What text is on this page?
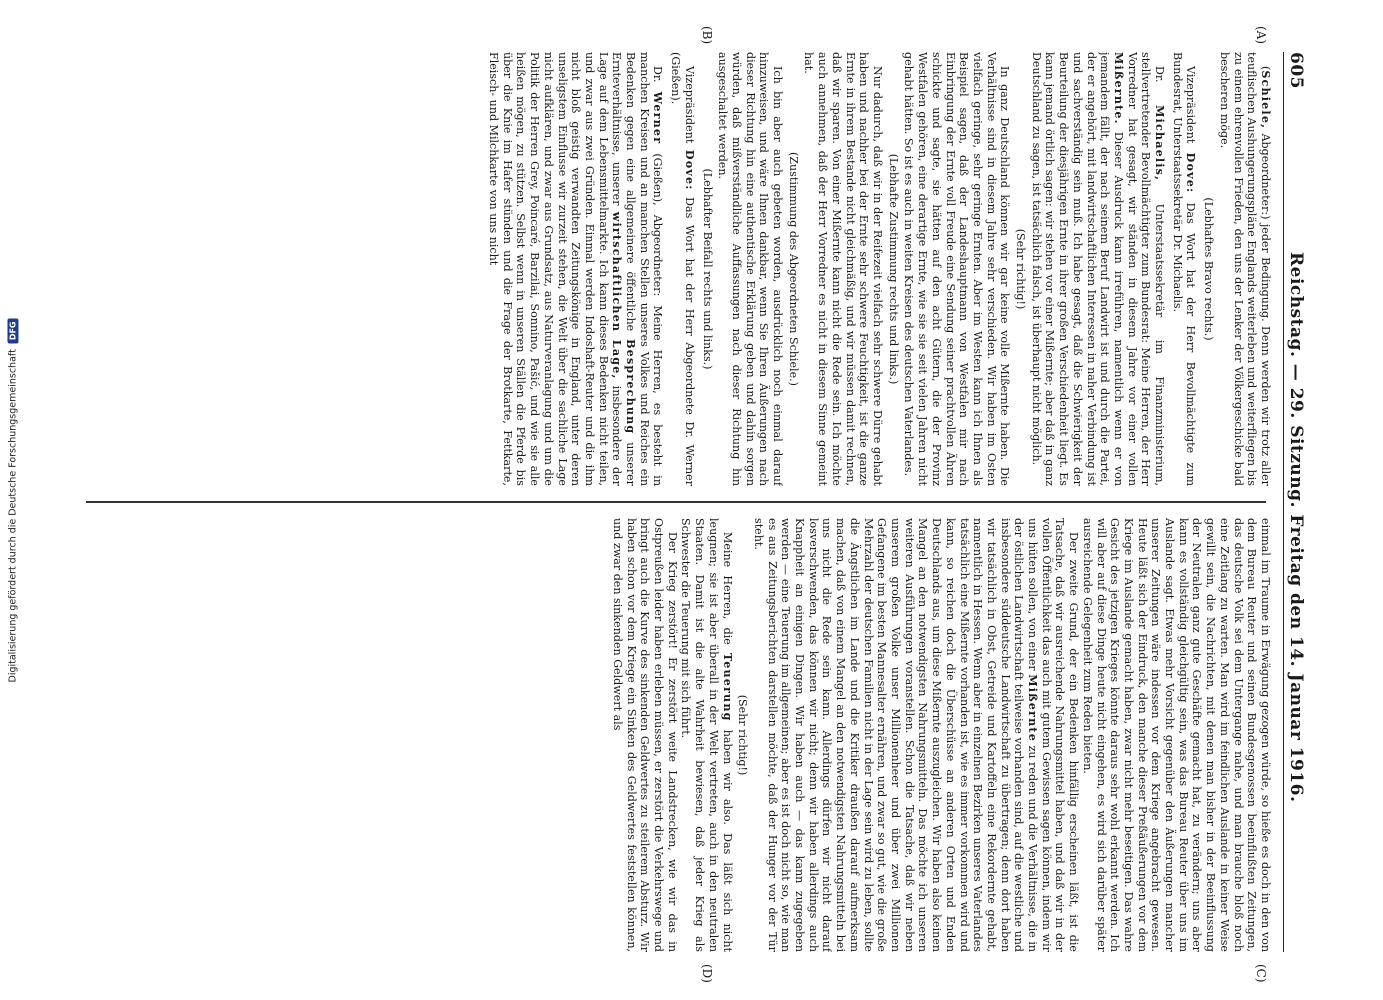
Digitalisierung gefördert durch die Deutsche Forschungsgemeinschaft
DFG
605
Reichstag. — 29. Sitzung. Freitag den 14. Januar 1916.
(A)
(B)
(C)
(D)

(Schiele, Abgeordneter:) jeder Bedingung. Denn werden wir trotz aller teuflischen Aushungerungspläne Englands weiterleben und weiterfliegen bis zu einem ehrenvollen Frieden, den uns der Lenker der Völkergeschicke bald bescheren möge.

(Lebhaftes Bravo rechts.)

Vizepräsident Dove: Das Wort hat der Herr Bevollmächtigte zum Bundesrat, Unterstaatssekretär Dr. Michaelis.

Dr. Michaelis, Unterstaatssekretär im Finanzministerium, stellvertretender Bevollmächtigter zum Bundesrat: Meine Herren, der Herr Vorredner hat gesagt, wir ständen in diesem Jahre vor einer vollen Mißernte. Dieser Ausdruck kann irreführen, namentlich wenn er von jemandem fällt, der nach seinem Beruf Landwirt ist und durch die Partei, der er angehört, mit landwirtschaftlichen Interessen in naher Verbindung ist und sachverständig sein muß. Ich habe gesagt, daß die Schwierigkeit der Beurteilung der diesjährigen Ernte in ihrer großen Verschiedenheit liegt. Es kann jemand örtlich sagen: wir stehen vor einer Mißernte; aber daß in ganz Deutschland zu sagen, ist tatsächlich falsch, ist überhaupt nicht möglich.

(Sehr richtig!)

In ganz Deutschland können wir gar keine volle Mißernte haben. Die Verhältnisse sind in diesem Jahre sehr verschieden. Wir haben im Osten vielfach geringe, sehr geringe Ernten. Aber im Westen kann ich Ihnen als Beispiel sagen, daß der Landeshauptmann von Westfalen mir nach Einbringung der Ernte voll Freude eine Sendung seiner prachtvollen Ähren schickte und sagte, sie hätten auf den acht Gütern, die der Provinz Westfalen gehören, eine derartige Ernte, wie sie sie seit vielen Jahren nicht gehabt hätten. So ist es auch in weiten Kreisen des deutschen Vaterlandes.

(Lebhafte Zustimmung rechts und links.)

Nur dadurch, daß wir in der Reifezeit vielfach sehr schwere Dürre gehabt haben und nachher bei der Ernte sehr schwere Feuchtigkeit, ist die ganze Ernte in ihrem Bestande nicht gleichmäßig, und wir müssen damit rechnen, daß wir sparen. Von einer Mißernte kann nicht die Rede sein. Ich möchte auch annehmen, daß der Herr Vorredner es nicht in diesem Sinne gemeint hat.

(Zustimmung des Abgeordneten Schiele.)

Ich bin aber auch gebeten worden, ausdrücklich noch einmal darauf hinzuweisen, und wäre Ihnen dankbar, wenn Sie Ihren Äußerungen nach dieser Richtung hin eine authentische Erklärung geben und dahin sorgen würden, daß mißverständliche Auffassungen nach dieser Richtung hin ausgeschaltet werden.

(Lebhafter Beifall rechts und links.)

Vizepräsident Dove: Das Wort hat der Herr Abgeordnete Dr. Werner (Gießen).

Dr. Werner (Gießen), Abgeordneter: Meine Herren, es besteht in manchen Kreisen und an manchen Stellen unseres Volkes und Reiches ein Bedenken gegen eine allgemeinere öffentliche Besprechung unserer Ernteverhältnisse, unserer wirtschaftlichen Lage, insbesondere der Lage auf dem Lebensmittelmarkte. Ich kann dieses Bedenken nicht teilen, und zwar aus zwei Gründen. Einmal werden Indoshaft-Reuter und die ihm nicht bloß geistig verwandten Zeitungskönige in England, unter deren unseligstem Einflusse wir zurzeit stehen, die Welt über die sachliche Lage nicht aufklären, und zwar aus Grundsatz, aus Naturveranlagung und um die Politik der Herren Grey, Poincaré, Barzilai, Sonnino, Pašić, und wie sie alle heißen mögen, zu stützen. Selbst wenn in unseren Ställen die Pferde bis über die Knie im Hafer stünden und die Frage der Brotkarte, Fettkarte, Fleisch- und Milchkarte von uns nicht

einmal im Traume in Erwägung gezogen würde, so hieße es doch in den von dem Bureau Reuter und seinen Bundesgenossen beeinflußten Zeitungen, das deutsche Volk sei dem Untergange nahe, und man brauche bloß noch eine Zeitlang zu warten. Man wird im feindlichen Auslande in keiner Weise gewillt sein, die Nachrichten, mit denen man bisher in der Beeinflussung der Neutralen ganz gute Geschäfte gemacht hat, zu verändern; uns aber kann es vollständig gleichgültig sein, was das Bureau Reuter über uns im Auslande sagt. Etwas mehr Vorsicht gegenüber den Äußerungen mancher unserer Zeitungen wäre indessen vor dem Kriege angebracht gewesen. Heute läßt sich der Eindruck, den manche dieser Preßäußerungen vor dem Kriege im Auslande gemacht haben, zwar nicht mehr beseitigen. Das wahre Gesicht des jetzigen Krieges könnte daraus sehr wohl erkannt werden. Ich will aber auf diese Dinge heute nicht eingehen, es wird sich darüber später ausreichende Gelegenheit zum Reden bieten.

Der zweite Grund, der ein Bedenken hinfällig erscheinen läßt, ist die Tatsache, daß wir ausreichende Nahrungsmittel haben, und daß wir in der vollen Öffentlichkeit das auch mit gutem Gewissen sagen können, indem wir uns hüten sollen, von einer Mißernte zu reden und die Verhältnisse, die in der östlichen Landwirtschaft teilweise vorhanden sind, auf die westliche und insbesondere süddeutsche Landwirtschaft zu übertragen; denn dort haben wir tatsächlich in Obst, Getreide und Kartoffeln eine Rekordernte gehabt, namentlich in Hessen. Wenn aber in einzelnen Bezirken unseres Vaterlandes tatsächlich eine Mißernte vorhanden ist, wie es immer vorkommen wird und kann, so reichen doch die Überschüsse an anderen Orten und Enden Deutschlands aus, um diese Mißernte auszugleichen. Wir haben also keinen Mangel an den notwendigsten Nahrungsmitteln. Das möchte ich unseren weiteren Ausführungen voranstellen. Schon die Tatsache, daß wir neben unserem großen Volke unser Millionenheer und über zwei Millionen Gefangene im besten Mannesalter ernähren, und zwar so gut, wie die große Mehrzahl der deutschen Familien nicht in der Lage sein wird zu leben, sollte die Ängstlichen im Lande und die Kritiker draußen darauf aufmerksam machen, daß von einem Mangel an den notwendigsten Nahrungsmitteln bei uns nicht die Rede sein kann. Allerdings dürfen wir nicht darauf losverschwenden, das können wir nicht; denn wir haben allerdings auch Knappheit an einigen Dingen. Wir haben auch — das kann zugegeben werden — eine Teuerung im allgemeinen; aber es ist doch nicht so, wie man es aus Zeitungsberichten darstellen möchte, daß der Hunger vor der Tür steht.

(Sehr richtig!)

Meine Herren, die Teuerung haben wir also. Das läßt sich nicht leugnen; sie ist aber überall in der Welt vertreten, auch in den neutralen Staaten. Damit ist die alte Wahrheit bewiesen, daß jeder Krieg als Schwester die Teuerung mit sich führt.

Der Krieg zerstört! Er zerstört weite Landstrecken, wie wir das in Ostpreußen leider haben erleben müssen, er zerstört die Verkehrswege und bringt auch die Kurve des sinkenden Geldwertes zu steilerem Absturz. Wir haben schon vor dem Kriege ein Sinken des Geldwertes feststellen können, und zwar den sinkenden Geldwert als
